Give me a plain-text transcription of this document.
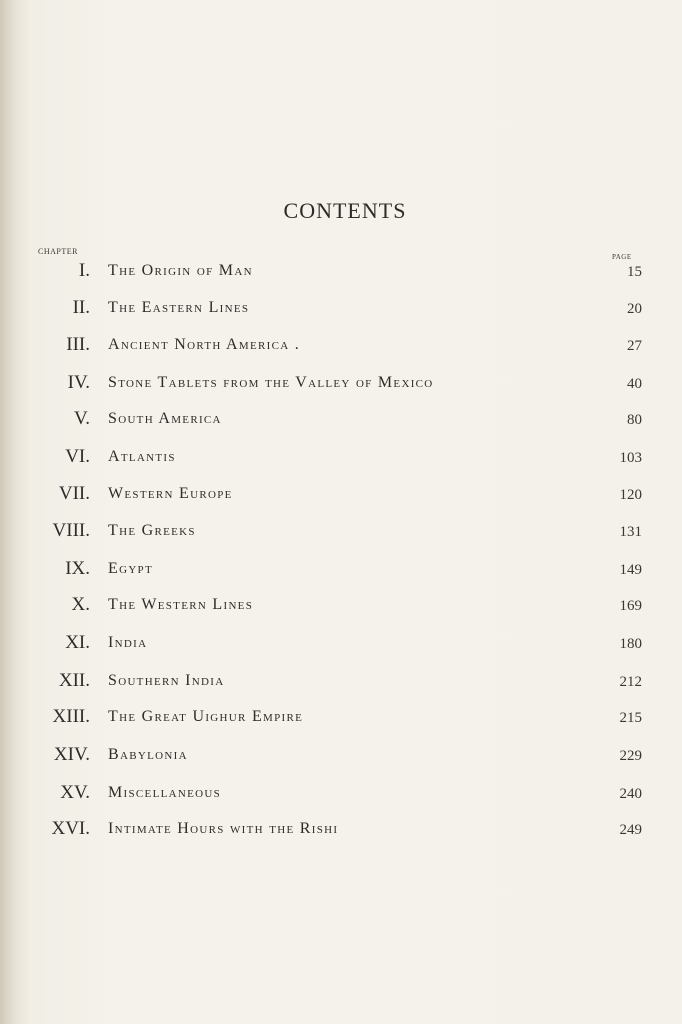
CONTENTS
CHAPTER
PAGE
I. The Origin of Man	15
II. The Eastern Lines	20
III. Ancient North America .	27
IV. Stone Tablets from the Valley of Mexico	40
V. South America	80
VI. Atlantis	103
VII. Western Europe	120
VIII. The Greeks	131
IX. Egypt	149
X. The Western Lines	169
XI. India	180
XII. Southern India	212
XIII. The Great Uighur Empire	215
XIV. Babylonia	229
XV. Miscellaneous	240
XVI. Intimate Hours with the Rishi	249
